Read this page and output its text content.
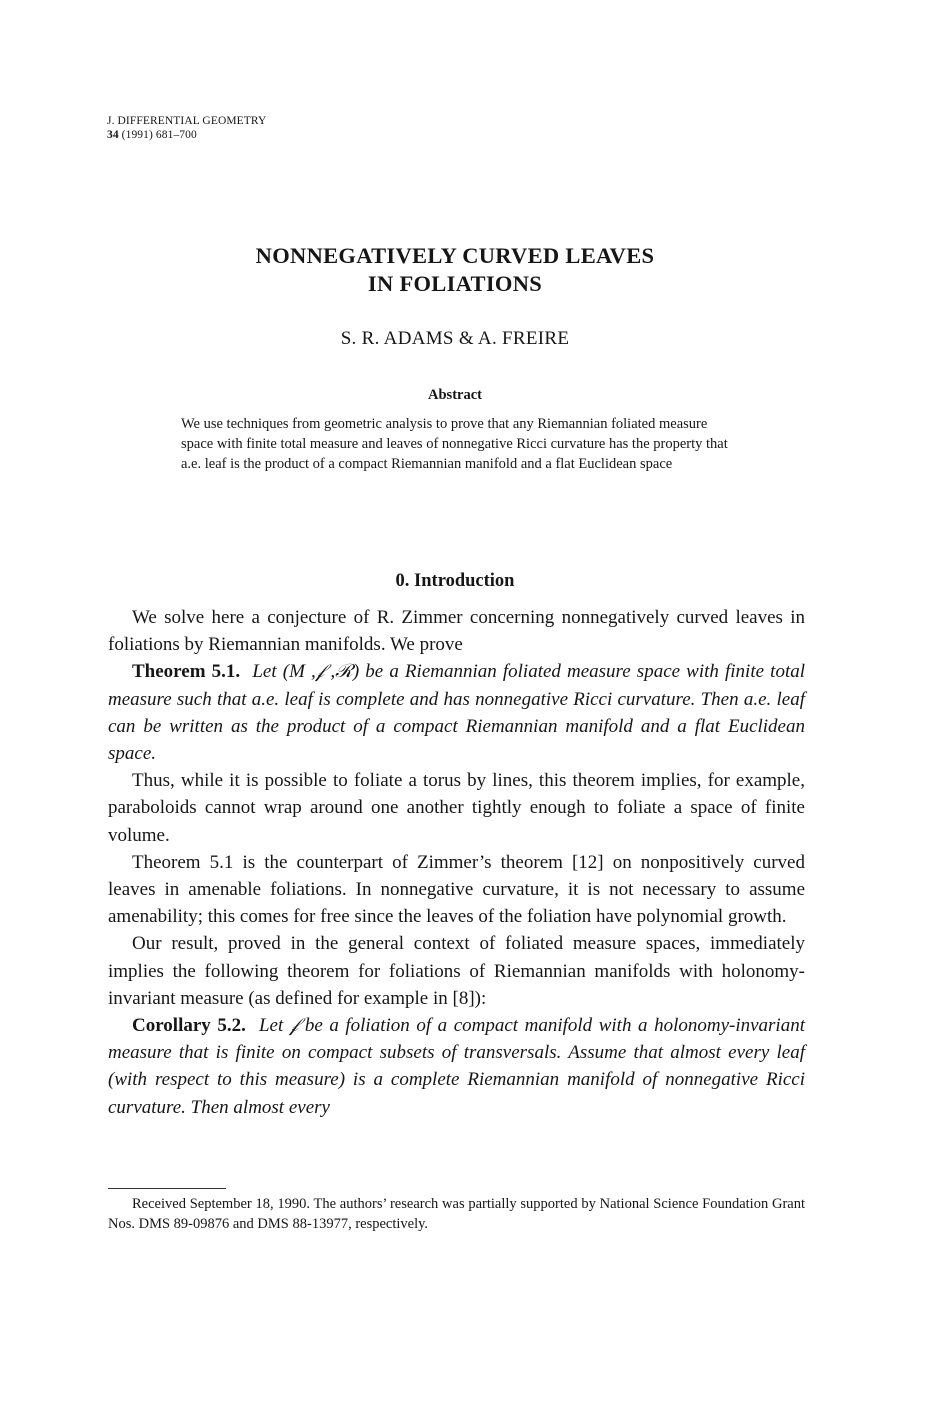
J. DIFFERENTIAL GEOMETRY
34 (1991) 681–700
NONNEGATIVELY CURVED LEAVES
IN FOLIATIONS
S. R. ADAMS & A. FREIRE
Abstract
We use techniques from geometric analysis to prove that any Riemannian foliated measure space with finite total measure and leaves of nonnegative Ricci curvature has the property that a.e. leaf is the product of a compact Riemannian manifold and a flat Euclidean space
0. Introduction

We solve here a conjecture of R. Zimmer concerning nonnegatively curved leaves in foliations by Riemannian manifolds. We prove

Theorem 5.1. Let (M ,𝒻 ,ℛ) be a Riemannian foliated measure space with finite total measure such that a.e. leaf is complete and has nonnegative Ricci curvature. Then a.e. leaf can be written as the product of a compact Riemannian manifold and a flat Euclidean space.

Thus, while it is possible to foliate a torus by lines, this theorem implies, for example, paraboloids cannot wrap around one another tightly enough to foliate a space of finite volume.

Theorem 5.1 is the counterpart of Zimmer’s theorem [12] on nonpositively curved leaves in amenable foliations. In nonnegative curvature, it is not necessary to assume amenability; this comes for free since the leaves of the foliation have polynomial growth.

Our result, proved in the general context of foliated measure spaces, immediately implies the following theorem for foliations of Riemannian manifolds with holonomy-invariant measure (as defined for example in [8]):

Corollary 5.2. Let 𝒻 be a foliation of a compact manifold with a holonomy-invariant measure that is finite on compact subsets of transversals. Assume that almost every leaf (with respect to this measure) is a complete Riemannian manifold of nonnegative Ricci curvature. Then almost every

Received September 18, 1990. The authors’ research was partially supported by National Science Foundation Grant Nos. DMS 89-09876 and DMS 88-13977, respectively.
